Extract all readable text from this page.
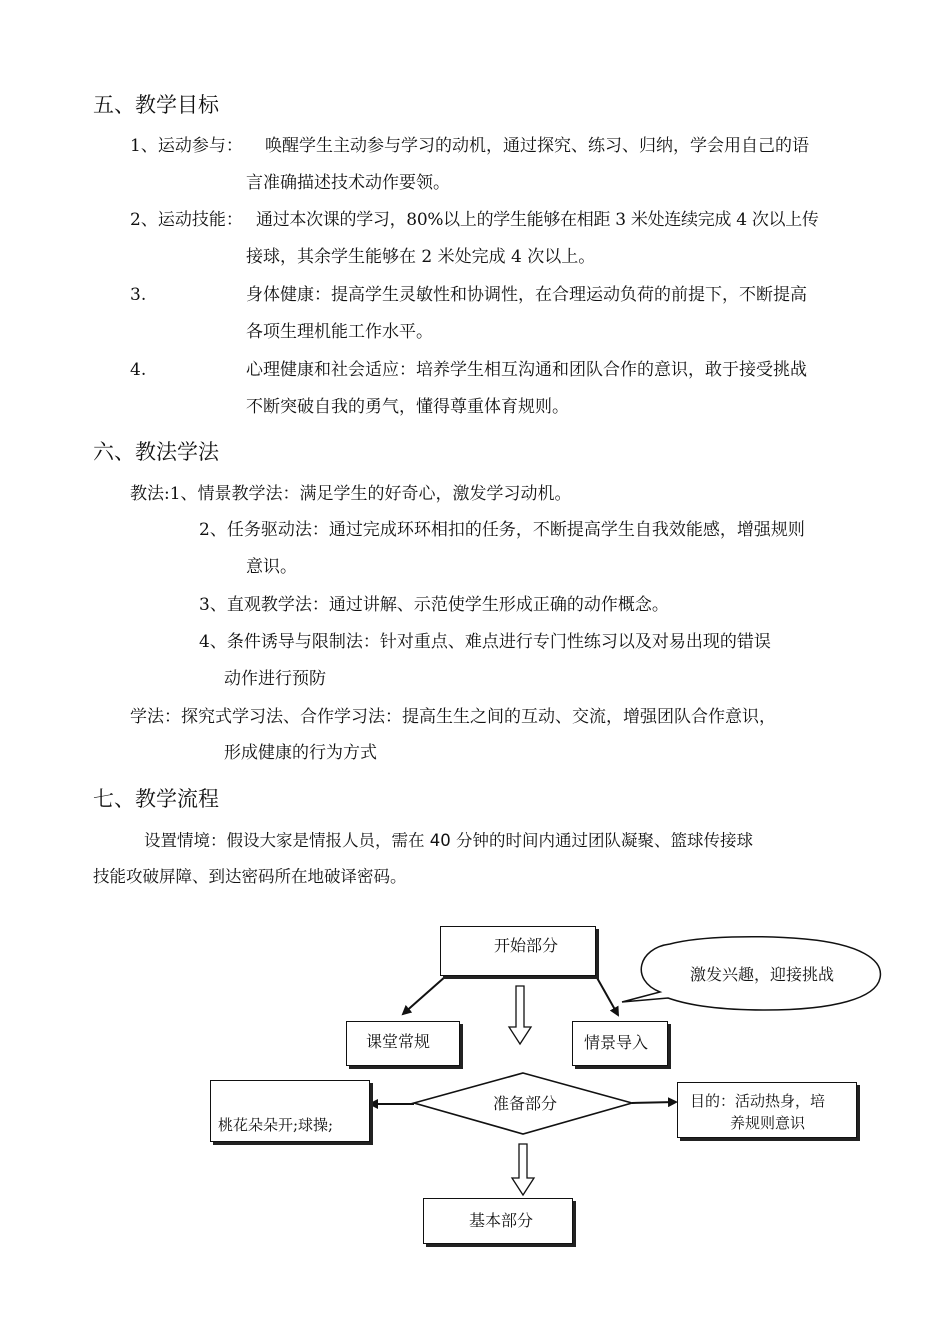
五、教学目标
1、运动参与： 唤醒学生主动参与学习的动机，通过探究、练习、归纳，学会用自己的语
言准确描述技术动作要领。
2、运动技能： 通过本次课的学习，80%以上的学生能够在相距 3 米处连续完成 4 次以上传
接球，其余学生能够在 2 米处完成 4 次以上。
3.	身体健康：提高学生灵敏性和协调性，在合理运动负荷的前提下，不断提高
各项生理机能工作水平。
4.	心理健康和社会适应：培养学生相互沟通和团队合作的意识，敢于接受挑战
不断突破自我的勇气，懂得尊重体育规则。
六、教法学法
教法:1、情景教学法：满足学生的好奇心，激发学习动机。
2、任务驱动法：通过完成环环相扣的任务，不断提高学生自我效能感，增强规则
意识。
3、直观教学法：通过讲解、示范使学生形成正确的动作概念。
4、条件诱导与限制法：针对重点、难点进行专门性练习以及对易出现的错误
动作进行预防
学法：探究式学习法、合作学习法：提高生生之间的互动、交流，增强团队合作意识，
形成健康的行为方式
七、教学流程
设置情境：假设大家是情报人员，需在 40 分钟的时间内通过团队凝聚、篮球传接球
技能攻破屏障、到达密码所在地破译密码。
开始部分
激发兴趣，迎接挑战
课堂常规	情景导入
准备部分
桃花朵朵开;球操;
目的：活动热身，培
养规则意识
基本部分
